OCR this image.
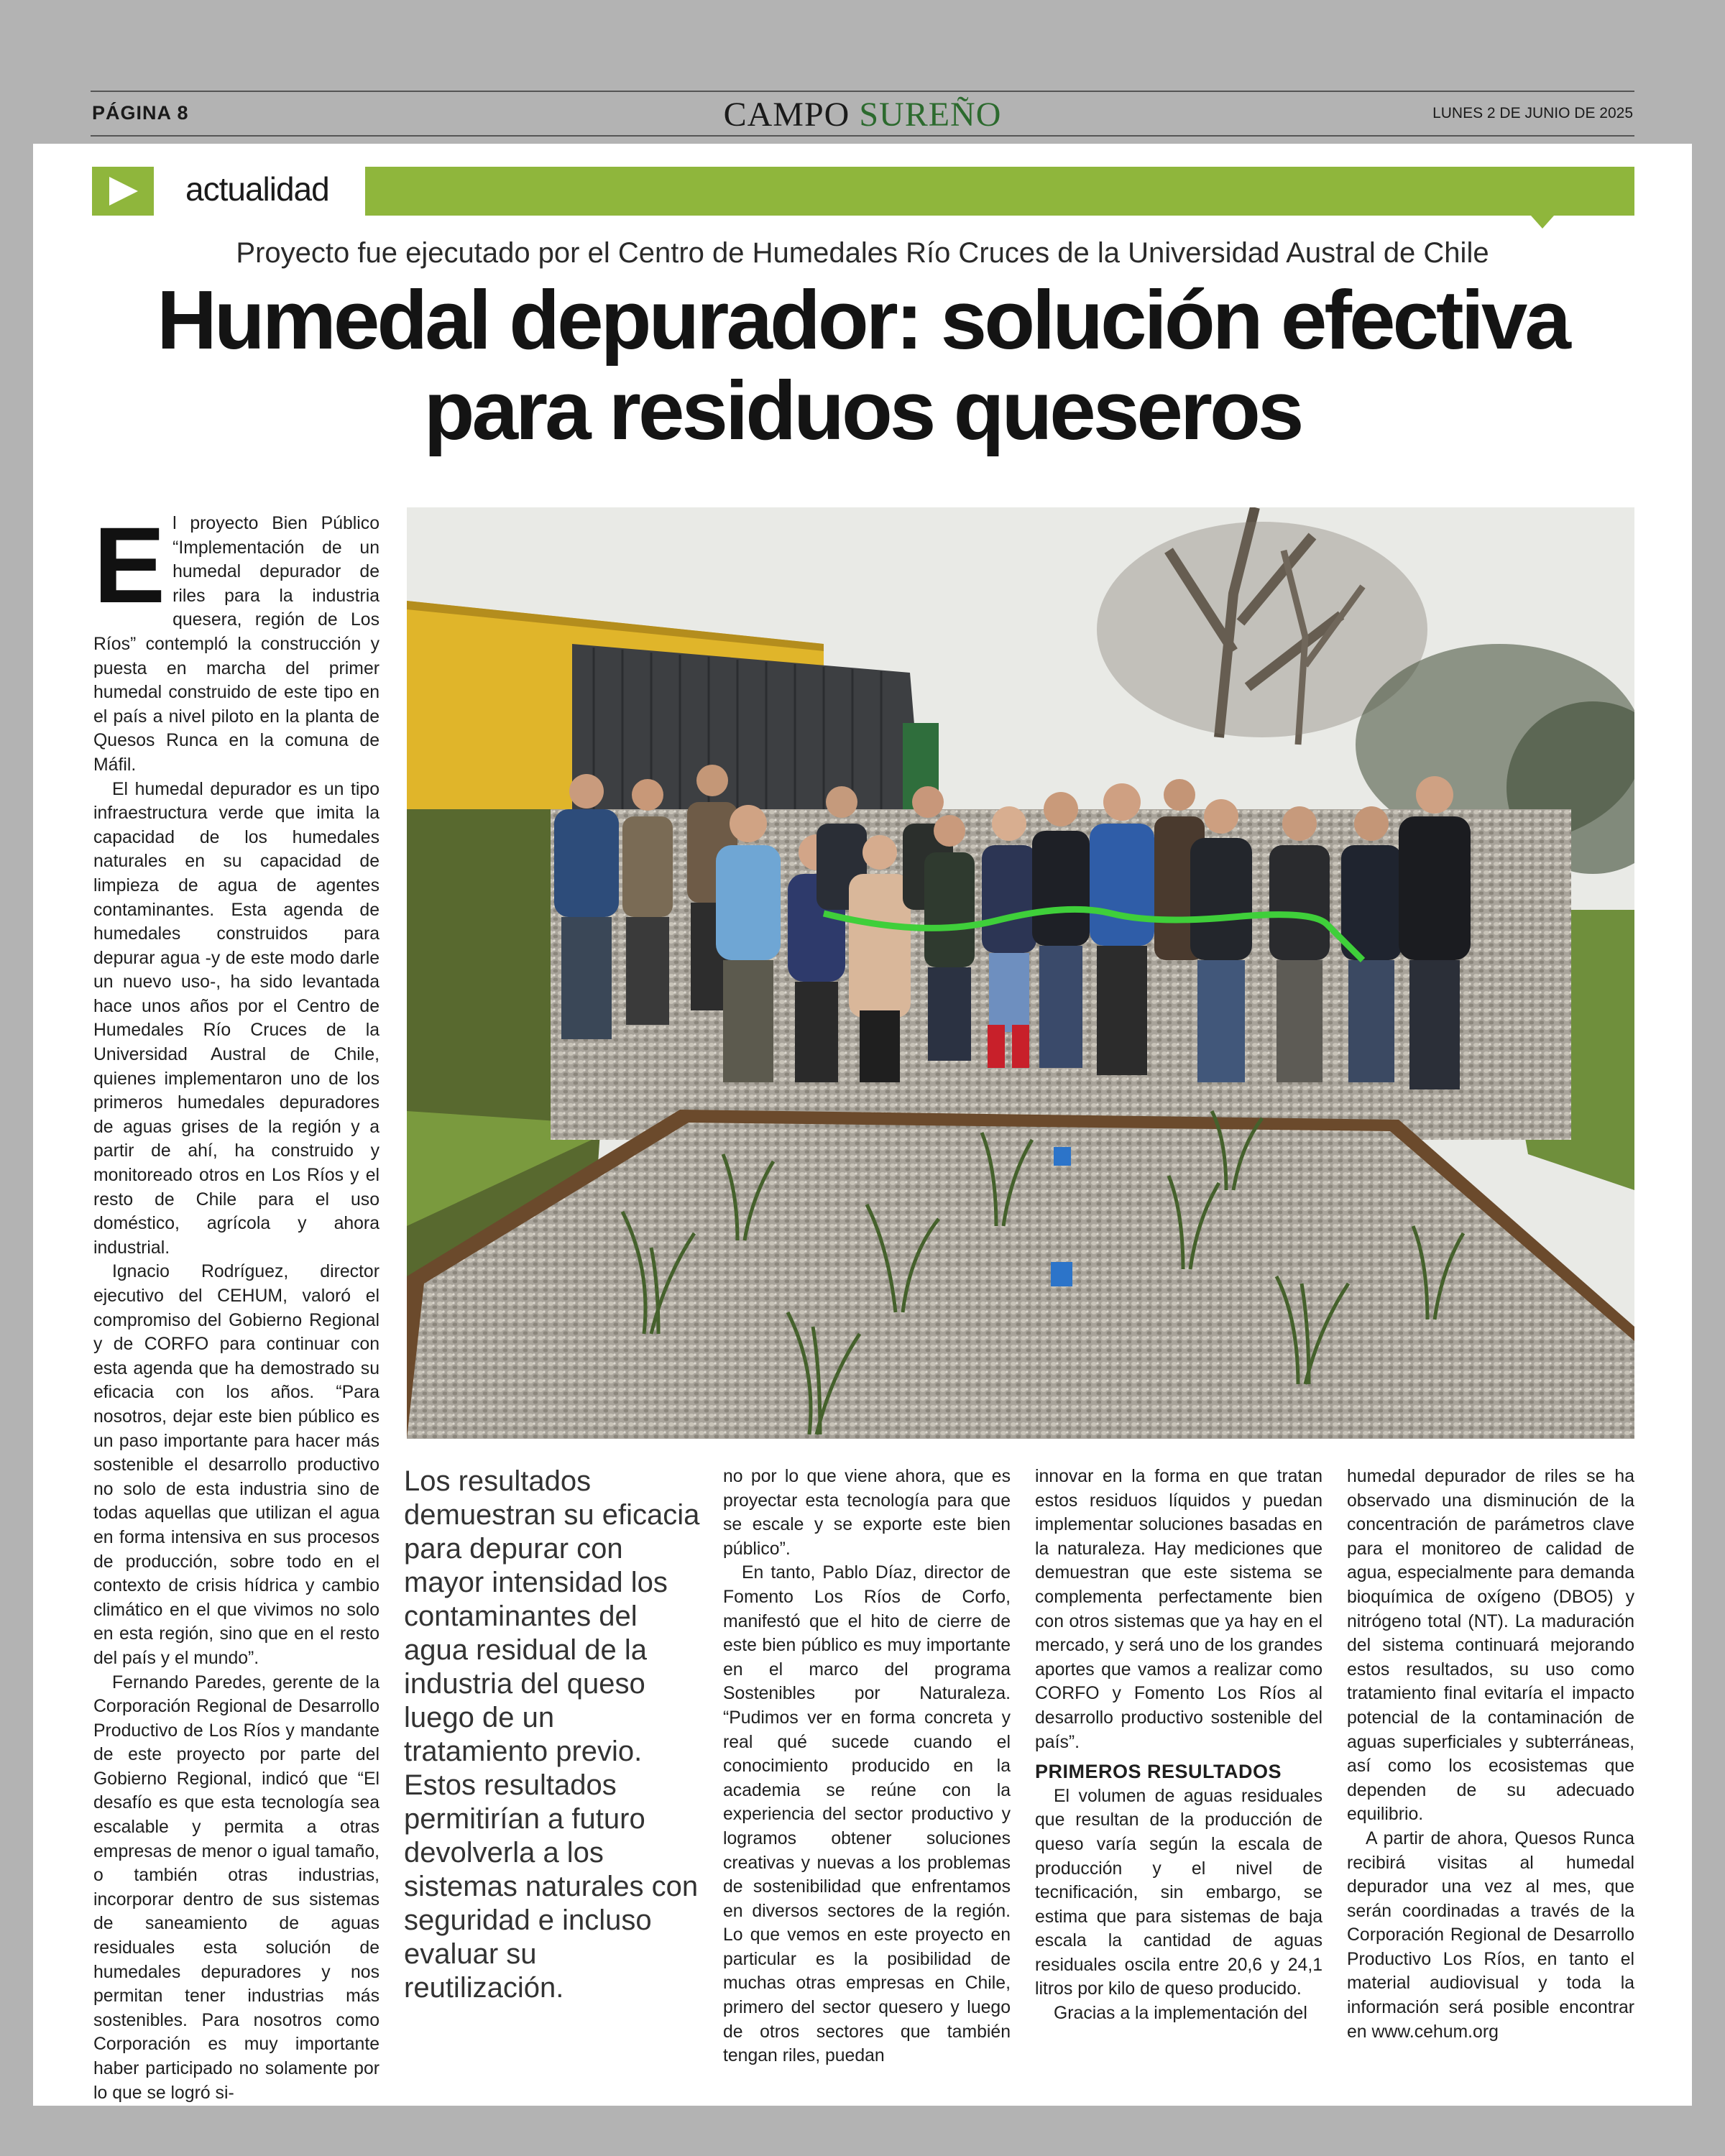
PÁGINA 8	CAMPO SUREÑO	LUNES 2 DE JUNIO DE 2025
actualidad
Proyecto fue ejecutado por el Centro de Humedales Río Cruces de la Universidad Austral de Chile
Humedal depurador: solución efectiva
para residuos queseros
E l proyecto Bien Público “Implementación de un humedal depurador de riles para la industria quesera, región de Los Ríos” contempló la construcción y puesta en marcha del primer humedal construido de este tipo en el país a nivel piloto en la planta de Quesos Runca en la comuna de Máfil.

El humedal depurador es un tipo infraestructura verde que imita la capacidad de los humedales naturales en su capacidad de limpieza de agua de agentes contaminantes. Esta agenda de humedales construidos para depurar agua -y de este modo darle un nuevo uso-, ha sido levantada hace unos años por el Centro de Humedales Río Cruces de la Universidad Austral de Chile, quienes implementaron uno de los primeros humedales depuradores de aguas grises de la región y a partir de ahí, ha construido y monitoreado otros en Los Ríos y el resto de Chile para el uso doméstico, agrícola y ahora industrial.

Ignacio Rodríguez, director ejecutivo del CEHUM, valoró el compromiso del Gobierno Regional y de CORFO para continuar con esta agenda que ha demostrado su eficacia con los años. “Para nosotros, dejar este bien público es un paso importante para hacer más sostenible el desarrollo productivo no solo de esta industria sino de todas aquellas que utilizan el agua en forma intensiva en sus procesos de producción, sobre todo en el contexto de crisis hídrica y cambio climático en el que vivimos no solo en esta región, sino que en el resto del país y el mundo”.

Fernando Paredes, gerente de la Corporación Regional de Desarrollo Productivo de Los Ríos y mandante de este proyecto por parte del Gobierno Regional, indicó que “El desafío es que esta tecnología sea escalable y permita a otras empresas de menor o igual tamaño, o también otras industrias, incorporar dentro de sus sistemas de saneamiento de aguas residuales esta solución de humedales depuradores y nos permitan tener industrias más sostenibles. Para nosotros como Corporación es muy importante haber participado no solamente por lo que se logró si-

Los resultados demuestran su eficacia para depurar con mayor intensidad los contaminantes del agua residual de la industria del queso luego de un tratamiento previo. Estos resultados permitirían a futuro devolverla a los sistemas naturales con seguridad e incluso evaluar su reutilización.

no por lo que viene ahora, que es proyectar esta tecnología para que se escale y se exporte este bien público”.

En tanto, Pablo Díaz, director de Fomento Los Ríos de Corfo, manifestó que el hito de cierre de este bien público es muy importante en el marco del programa Sostenibles por Naturaleza. “Pudimos ver en forma concreta y real qué sucede cuando el conocimiento producido en la academia se reúne con la experiencia del sector productivo y logramos obtener soluciones creativas y nuevas a los problemas de sostenibilidad que enfrentamos en diversos sectores de la región. Lo que vemos en este proyecto en particular es la posibilidad de muchas otras empresas en Chile, primero del sector quesero y luego de otros sectores que también tengan riles, puedan

innovar en la forma en que tratan estos residuos líquidos y puedan implementar soluciones basadas en la naturaleza. Hay mediciones que demuestran que este sistema se complementa perfectamente bien con otros sistemas que ya hay en el mercado, y será uno de los grandes aportes que vamos a realizar como CORFO y Fomento Los Ríos al desarrollo productivo sostenible del país”.

PRIMEROS RESULTADOS

El volumen de aguas residuales que resultan de la producción de queso varía según la escala de producción y el nivel de tecnificación, sin embargo, se estima que para sistemas de baja escala la cantidad de aguas residuales oscila entre 20,6 y 24,1 litros por kilo de queso producido.

Gracias a la implementación del

humedal depurador de riles se ha observado una disminución de la concentración de parámetros clave para el monitoreo de calidad de agua, especialmente para demanda bioquímica de oxígeno (DBO5) y nitrógeno total (NT). La maduración del sistema continuará mejorando estos resultados, su uso como tratamiento final evitaría el impacto potencial de la contaminación de aguas superficiales y subterráneas, así como los ecosistemas que dependen de su adecuado equilibrio.

A partir de ahora, Quesos Runca recibirá visitas al humedal depurador una vez al mes, que serán coordinadas a través de la Corporación Regional de Desarrollo Productivo Los Ríos, en tanto el material audiovisual y toda la información será posible encontrar en www.cehum.org
